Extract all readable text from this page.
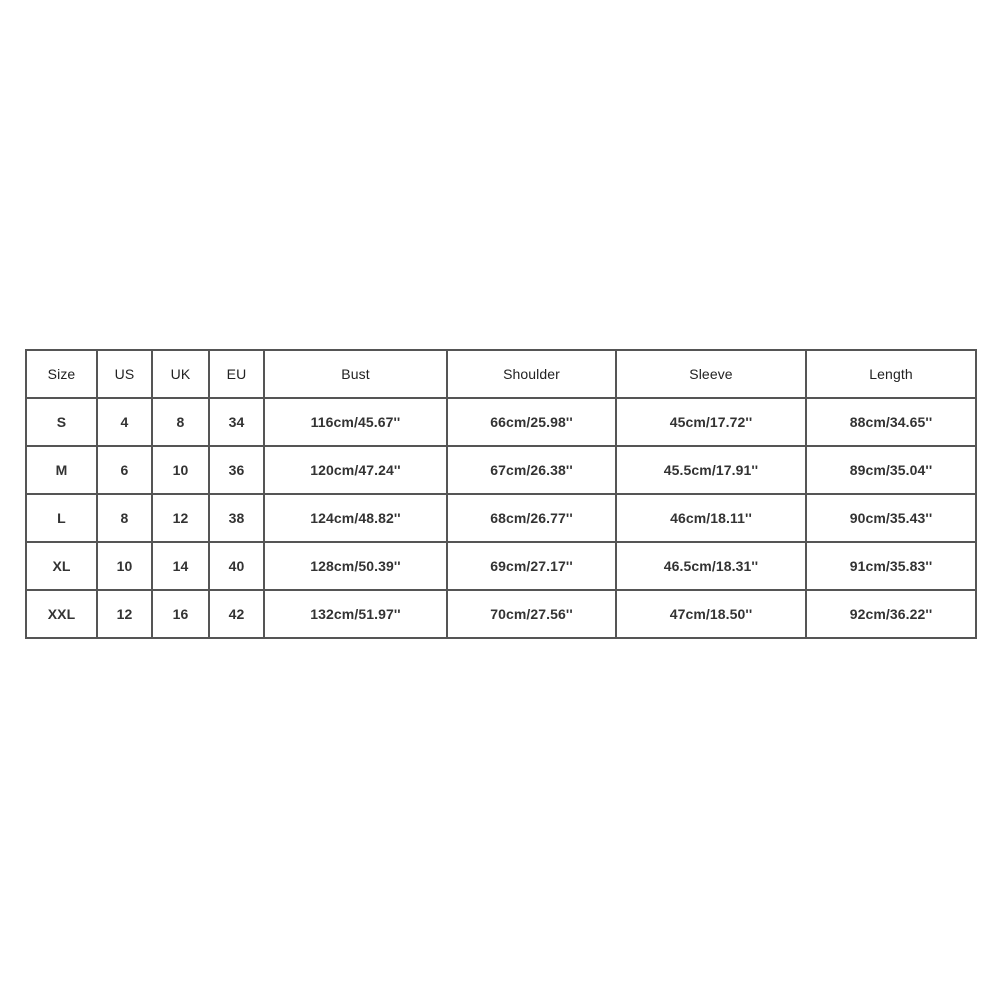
Size	US	UK	EU	Bust	Shoulder	Sleeve	Length
S	4	8	34	116cm/45.67''	66cm/25.98''	45cm/17.72''	88cm/34.65''
M	6	10	36	120cm/47.24''	67cm/26.38''	45.5cm/17.91''	89cm/35.04''
L	8	12	38	124cm/48.82''	68cm/26.77''	46cm/18.11''	90cm/35.43''
XL	10	14	40	128cm/50.39''	69cm/27.17''	46.5cm/18.31''	91cm/35.83''
XXL	12	16	42	132cm/51.97''	70cm/27.56''	47cm/18.50''	92cm/36.22''
